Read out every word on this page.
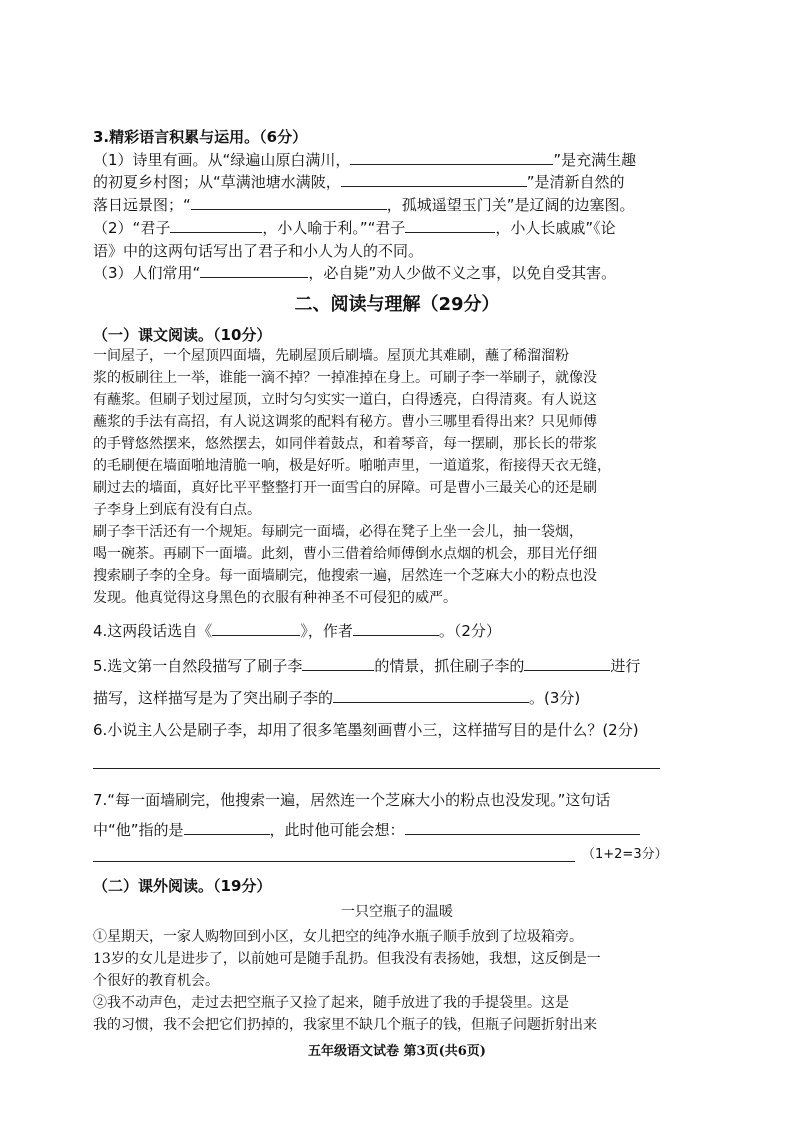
3.精彩语言积累与运用。（6分）
（1）诗里有画。从“绿遍山原白满川，	”是充满生趣
的初夏乡村图；从“草满池塘水满陂，	”是清新自然的
落日远景图；“	，孤城遥望玉门关”是辽阔的边塞图。
（2）“君子	，小人喻于利。”“君子	，小人长戚戚”《论
语》中的这两句话写出了君子和小人为人的不同。
（3）人们常用“	，必自毙”劝人少做不义之事，以免自受其害。
二、阅读与理解（29分）
（一）课文阅读。（10分）
一间屋子，一个屋顶四面墙，先刷屋顶后刷墙。屋顶尤其难刷，蘸了稀溜溜粉
浆的板刷往上一举，谁能一滴不掉？一掉准掉在身上。可刷子李一举刷子，就像没
有蘸浆。但刷子划过屋顶，立时匀匀实实一道白，白得透亮，白得清爽。有人说这
蘸浆的手法有高招，有人说这调浆的配料有秘方。曹小三哪里看得出来？只见师傅
的手臂悠然摆来，悠然摆去，如同伴着鼓点，和着琴音，每一摆刷，那长长的带浆
的毛刷便在墙面啪地清脆一响，极是好听。啪啪声里，一道道浆，衔接得天衣无缝，
刷过去的墙面，真好比平平整整打开一面雪白的屏障。可是曹小三最关心的还是刷
子李身上到底有没有白点。
刷子李干活还有一个规矩。每刷完一面墙，必得在凳子上坐一会儿，抽一袋烟，
喝一碗茶。再刷下一面墙。此刻，曹小三借着给师傅倒水点烟的机会，那目光仔细
搜索刷子李的全身。每一面墙刷完，他搜索一遍，居然连一个芝麻大小的粉点也没
发现。他真觉得这身黑色的衣服有种神圣不可侵犯的威严。
4.这两段话选自《	》，作者	。（2分）
5.选文第一自然段描写了刷子李	的情景，抓住刷子李的	进行
描写，这样描写是为了突出刷子李的	。(3分)
6.小说主人公是刷子李，却用了很多笔墨刻画曹小三，这样描写目的是什么？(2分)
7.“每一面墙刷完，他搜索一遍，居然连一个芝麻大小的粉点也没发现。”这句话
中“他”指的是	，此时他可能会想：
（1+2=3分）
（二）课外阅读。（19分）
一只空瓶子的温暖
①星期天，一家人购物回到小区，女儿把空的纯净水瓶子顺手放到了垃圾箱旁。
13岁的女儿是进步了，以前她可是随手乱扔。但我没有表扬她，我想，这反倒是一
个很好的教育机会。
②我不动声色，走过去把空瓶子又捡了起来，随手放进了我的手提袋里。这是
我的习惯，我不会把它们扔掉的，我家里不缺几个瓶子的钱，但瓶子问题折射出来
五年级语文试卷 第3页(共6页)
